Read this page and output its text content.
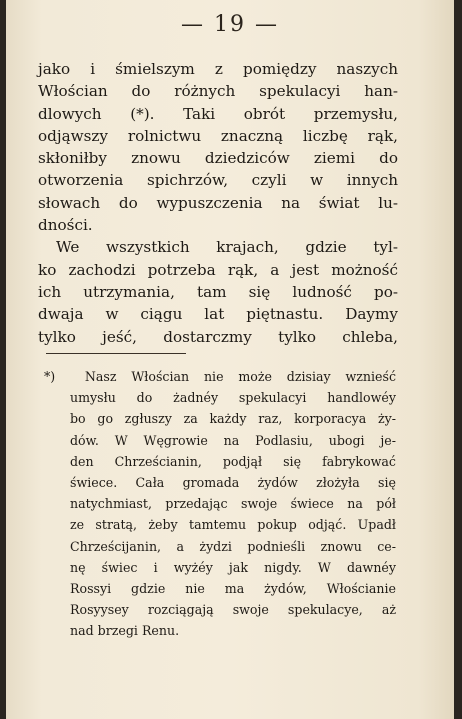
— 19 —
jako i śmielszym z pomiędzy naszych
Włościan do różnych spekulacyi han-
dlowych (*). Taki obrót przemysłu,
odjąwszy rolnictwu znaczną liczbę rąk,
skłoniłby znowu dziedziców ziemi do
otworzenia spichrzów, czyli w innych
słowach do wypuszczenia na świat lu-
dności.
We wszystkich krajach, gdzie tyl-
ko zachodzi potrzeba rąk, a jest możność
ich utrzymania, tam się ludność po-
dwaja w ciągu lat piętnastu. Daymy
tylko jeść, dostarczmy tylko chleba,
*) Nasz Włościan nie może dzisiay wznieść
umysłu do żadnéy spekulacyi handlowéy
bo go zgłuszy za każdy raz, korporacya ży-
dów. W Węgrowie na Podlasiu, ubogi je-
den Chrześcianin, podjął się fabrykować
świece. Cała gromada żydów złożyła się
natychmiast, przedając swoje świece na pół
ze stratą, żeby tamtemu pokup odjąć. Upadł
Chrześcijanin, a żydzi podnieśli znowu ce-
nę świec i wyżéy jak nigdy. W dawnéy
Rossyi gdzie nie ma żydów, Włościanie
Rosyysey rozciągają swoje spekulacye, aż
nad brzegi Renu.
